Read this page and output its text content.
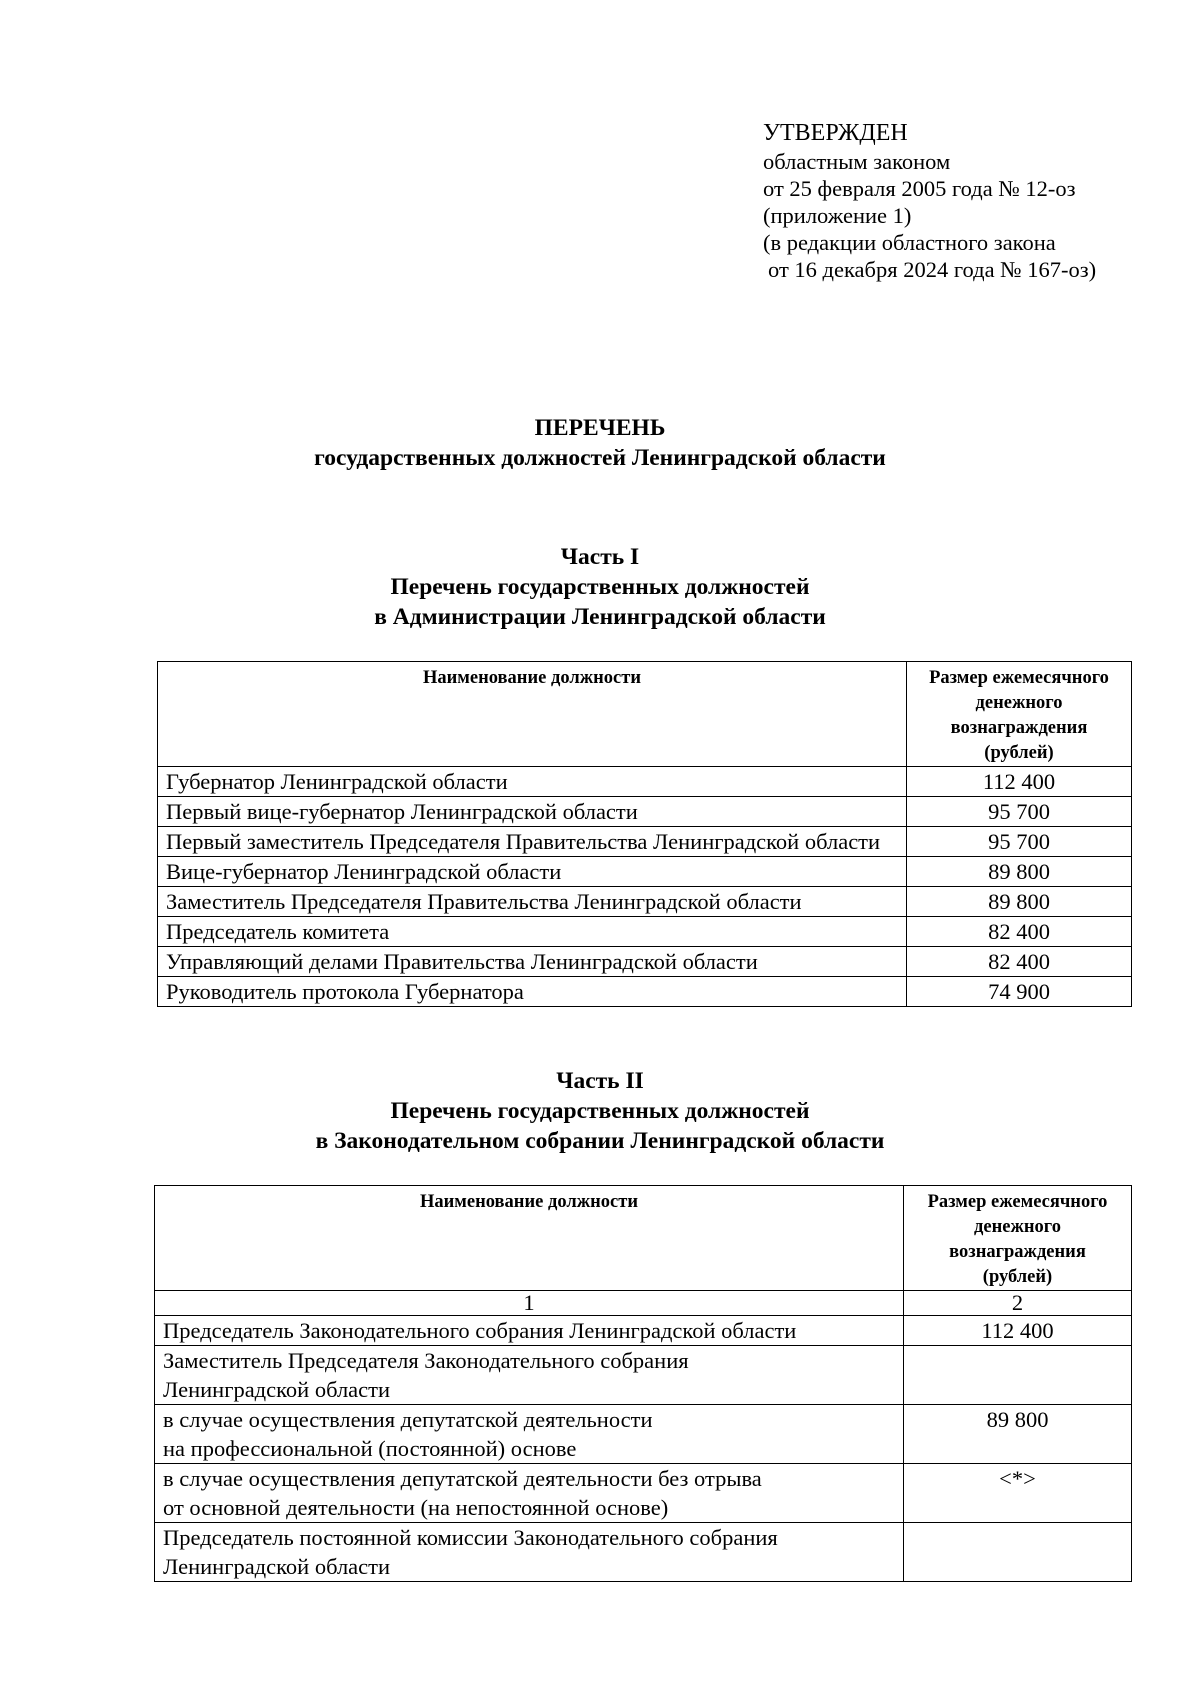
УТВЕРЖДЕН
областным законом
от 25 февраля 2005 года № 12-оз
(приложение 1)
(в редакции областного закона
от 16 декабря 2024 года № 167-оз)
ПЕРЕЧЕНЬ
государственных должностей Ленинградской области
Часть I
Перечень государственных должностей
в Администрации Ленинградской области
Наименование должности	Размер ежемесячного
денежного
вознаграждения
(рублей)

Губернатор Ленинградской области	112 400
Первый вице-губернатор Ленинградской области	95 700
Первый заместитель Председателя Правительства Ленинградской области	95 700
Вице-губернатор Ленинградской области	89 800
Заместитель Председателя Правительства Ленинградской области	89 800
Председатель комитета	82 400
Управляющий делами Правительства Ленинградской области	82 400
Руководитель протокола Губернатора	74 900
Часть II
Перечень государственных должностей
в Законодательном собрании Ленинградской области
Наименование должности	Размер ежемесячного
денежного
вознаграждения
(рублей)

1	2

Председатель Законодательного собрания Ленинградской области	112 400

Заместитель Председателя Законодательного собрания
Ленинградской области	

в случае осуществления депутатской деятельности
на профессиональной (постоянной) основе	89 800

в случае осуществления депутатской деятельности без отрыва
от основной деятельности (на непостоянной основе)	<*>

Председатель постоянной комиссии Законодательного собрания
Ленинградской области	
